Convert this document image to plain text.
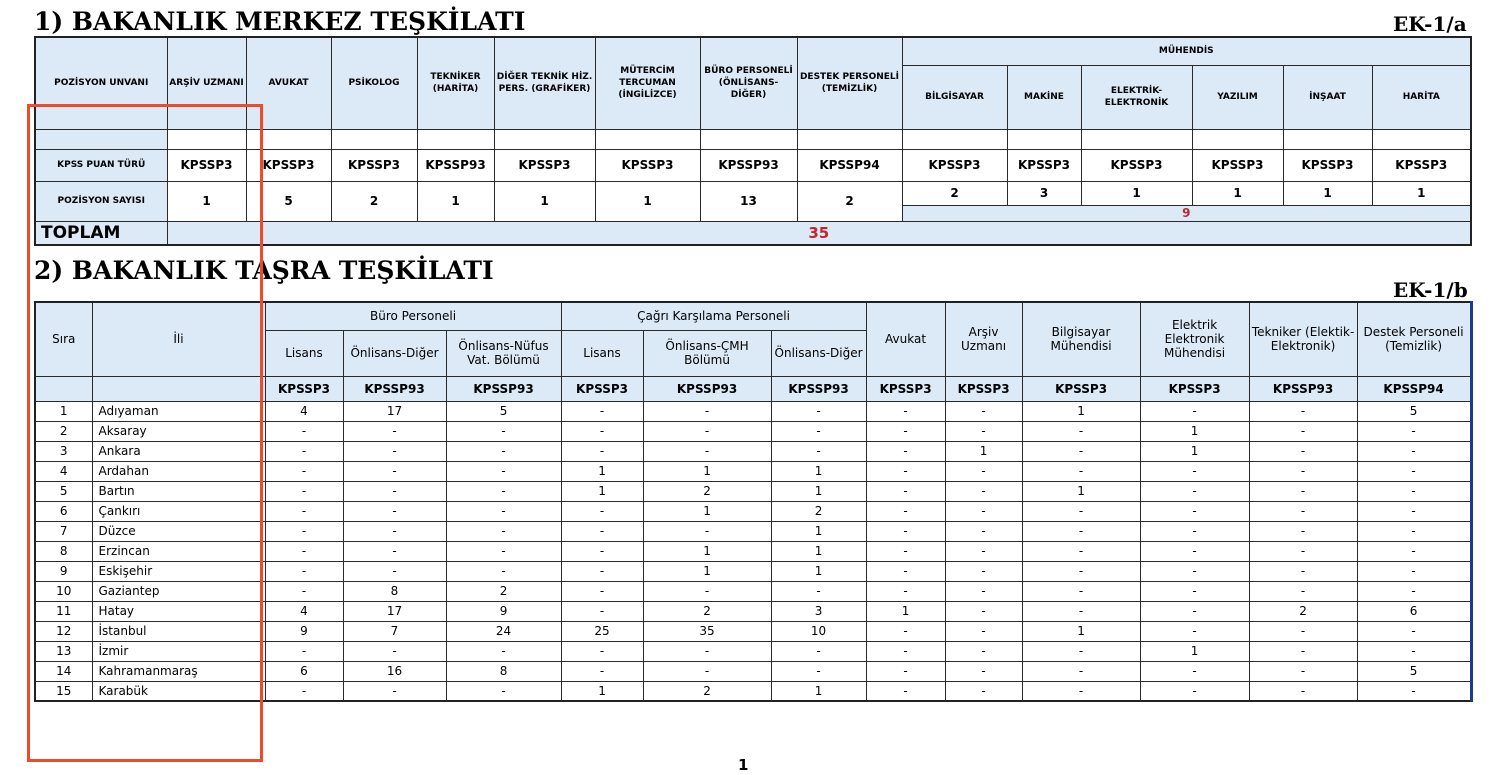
1) BAKANLIK MERKEZ TEŞKİLATI	EK-1/a
POZİSYON UNVANI	ARŞİV UZMANI	AVUKAT	PSİKOLOG	TEKNİKER (HARİTA)	DİĞER TEKNİK HİZ. PERS. (GRAFİKER)	MÜTERCİM TERCUMAN (İNGİLİZCE)	BÜRO PERSONELİ (ÖNLİSANS-DİĞER)	DESTEK PERSONELİ (TEMİZLİK)	MÜHENDİS					
									BİLGİSAYAR	MAKİNE	ELEKTRİK-ELEKTRONİK	YAZILIM	İNŞAAT	HARİTA

KPSS PUAN TÜRÜ	KPSSP3	KPSSP3	KPSSP3	KPSSP93	KPSSP3	KPSSP3	KPSSP93	KPSSP94	KPSSP3	KPSSP3	KPSSP3	KPSSP3	KPSSP3	KPSSP3
POZİSYON SAYISI	1	5	2	1	1	1	13	2	2	3	1	1	1	1
									9					
TOPLAM	35													
2) BAKANLIK TAŞRA TEŞKİLATI
EK-1/b
Sıra	İli	Büro Personeli			Çağrı Karşılama Personeli			Avukat	Arşiv Uzmanı	Bilgisayar Mühendisi	Elektrik Elektronik Mühendisi	Tekniker (Elektik-Elektronik)	Destek Personeli (Temizlik)
		Lisans	Önlisans-Diğer	Önlisans-Nüfus Vat. Bölümü	Lisans	Önlisans-ÇMH Bölümü	Önlisans-Diğer						
		KPSSP3	KPSSP93	KPSSP93	KPSSP3	KPSSP93	KPSSP93	KPSSP3	KPSSP3	KPSSP3	KPSSP3	KPSSP93	KPSSP94
1	Adıyaman	4	17	5	-	-	-	-	-	1	-	-	5
2	Aksaray	-	-	-	-	-	-	-	-	-	1	-	-
3	Ankara	-	-	-	-	-	-	-	1	-	1	-	-
4	Ardahan	-	-	-	1	1	1	-	-	-	-	-	-
5	Bartın	-	-	-	1	2	1	-	-	1	-	-	-
6	Çankırı	-	-	-	-	1	2	-	-	-	-	-	-
7	Düzce	-	-	-	-	-	1	-	-	-	-	-	-
8	Erzincan	-	-	-	-	1	1	-	-	-	-	-	-
9	Eskişehir	-	-	-	-	1	1	-	-	-	-	-	-
10	Gaziantep	-	8	2	-	-	-	-	-	-	-	-	-
11	Hatay	4	17	9	-	2	3	1	-	-	-	2	6
12	İstanbul	9	7	24	25	35	10	-	-	1	-	-	-
13	İzmir	-	-	-	-	-	-	-	-	-	1	-	-
14	Kahramanmaraş	6	16	8	-	-	-	-	-	-	-	-	5
15	Karabük	-	-	-	1	2	1	-	-	-	-	-	-
1
